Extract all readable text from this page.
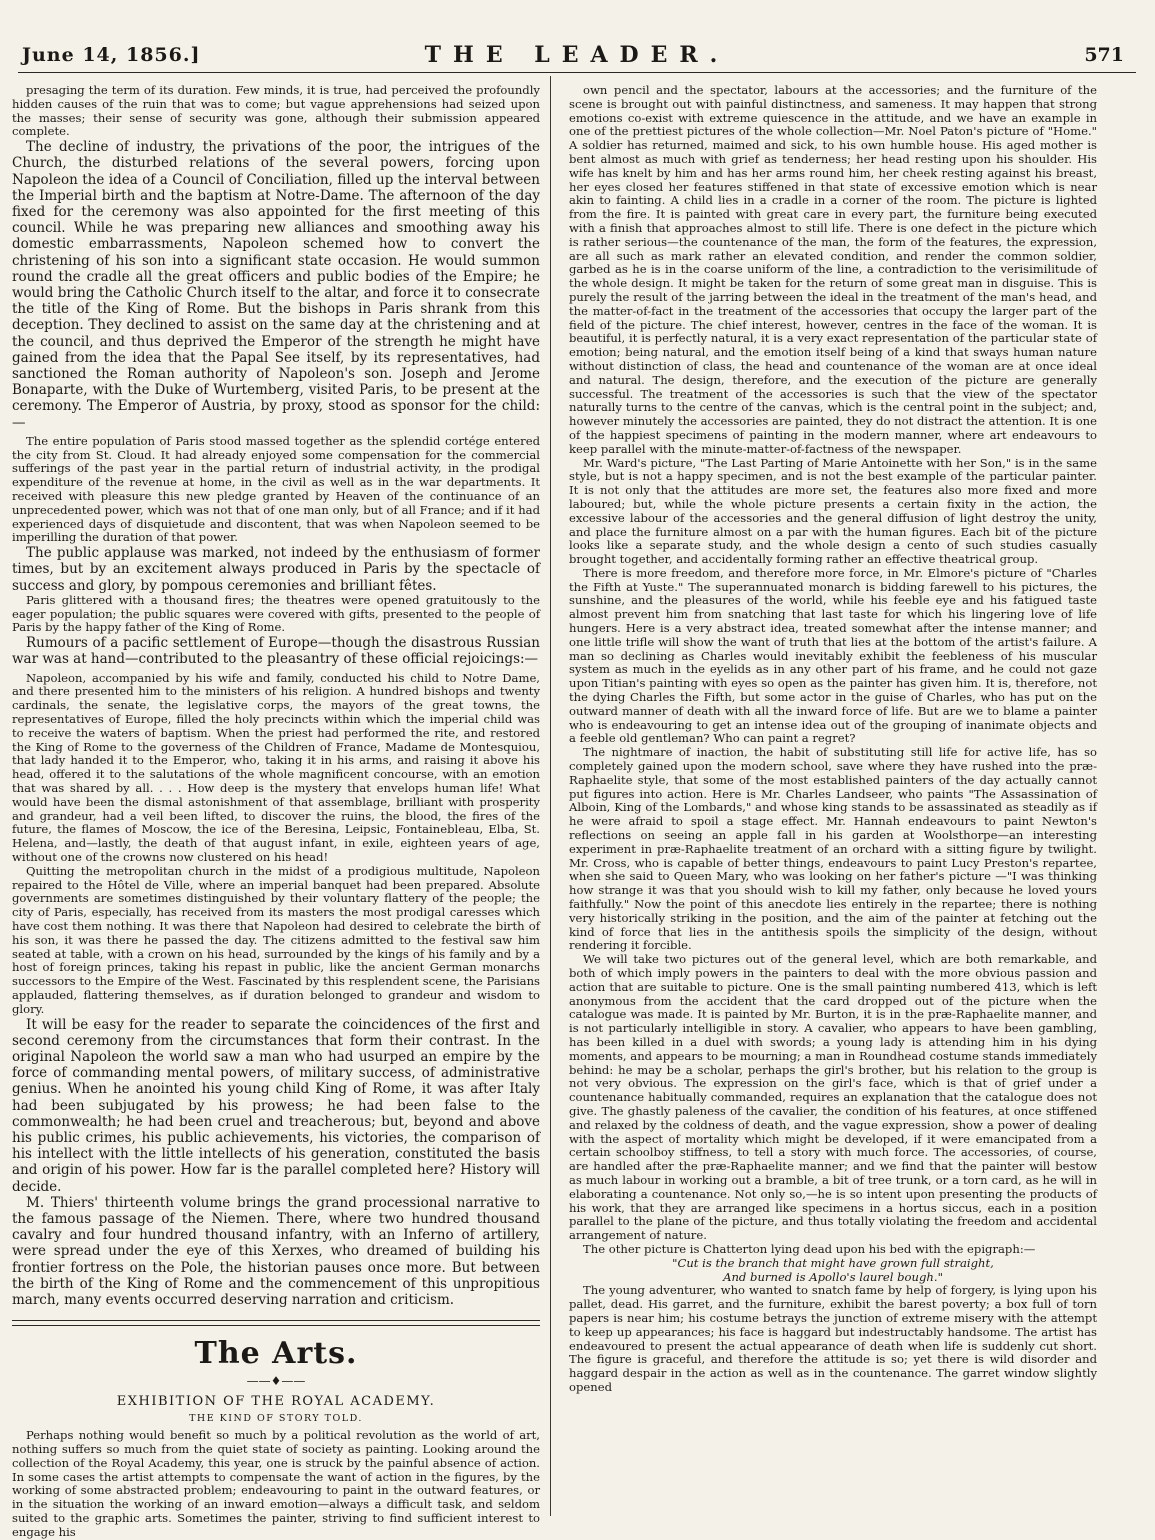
June 14, 1856.]	THE LEADER.	571

presaging the term of its duration. Few minds, it is true, had perceived the profoundly hidden causes of the ruin that was to come; but vague apprehensions had seized upon the masses; their sense of security was gone, although their submission appeared complete.

The decline of industry, the privations of the poor, the intrigues of the Church, the disturbed relations of the several powers, forcing upon Napoleon the idea of a Council of Conciliation, filled up the interval between the Imperial birth and the baptism at Notre-Dame. The afternoon of the day fixed for the ceremony was also appointed for the first meeting of this council. While he was preparing new alliances and smoothing away his domestic embarrassments, Napoleon schemed how to convert the christening of his son into a significant state occasion. He would summon round the cradle all the great officers and public bodies of the Empire; he would bring the Catholic Church itself to the altar, and force it to consecrate the title of the King of Rome. But the bishops in Paris shrank from this deception. They declined to assist on the same day at the christening and at the council, and thus deprived the Emperor of the strength he might have gained from the idea that the Papal See itself, by its representatives, had sanctioned the Roman authority of Napoleon's son. Joseph and Jerome Bonaparte, with the Duke of Wurtemberg, visited Paris, to be present at the ceremony. The Emperor of Austria, by proxy, stood as sponsor for the child:—

The entire population of Paris stood massed together as the splendid cortége entered the city from St. Cloud. It had already enjoyed some compensation for the commercial sufferings of the past year in the partial return of industrial activity, in the prodigal expenditure of the revenue at home, in the civil as well as in the war departments. It received with pleasure this new pledge granted by Heaven of the continuance of an unprecedented power, which was not that of one man only, but of all France; and if it had experienced days of disquietude and discontent, that was when Napoleon seemed to be imperilling the duration of that power.

The public applause was marked, not indeed by the enthusiasm of former times, but by an excitement always produced in Paris by the spectacle of success and glory, by pompous ceremonies and brilliant fêtes.

Paris glittered with a thousand fires; the theatres were opened gratuitously to the eager population; the public squares were covered with gifts, presented to the people of Paris by the happy father of the King of Rome.

Rumours of a pacific settlement of Europe—though the disastrous Russian war was at hand—contributed to the pleasantry of these official rejoicings:—

Napoleon, accompanied by his wife and family, conducted his child to Notre Dame, and there presented him to the ministers of his religion. A hundred bishops and twenty cardinals, the senate, the legislative corps, the mayors of the great towns, the representatives of Europe, filled the holy precincts within which the imperial child was to receive the waters of baptism. When the priest had performed the rite, and restored the King of Rome to the governess of the Children of France, Madame de Montesquiou, that lady handed it to the Emperor, who, taking it in his arms, and raising it above his head, offered it to the salutations of the whole magnificent concourse, with an emotion that was shared by all. . . . How deep is the mystery that envelops human life! What would have been the dismal astonishment of that assemblage, brilliant with prosperity and grandeur, had a veil been lifted, to discover the ruins, the blood, the fires of the future, the flames of Moscow, the ice of the Beresina, Leipsic, Fontainebleau, Elba, St. Helena, and—lastly, the death of that august infant, in exile, eighteen years of age, without one of the crowns now clustered on his head!

Quitting the metropolitan church in the midst of a prodigious multitude, Napoleon repaired to the Hôtel de Ville, where an imperial banquet had been prepared. Absolute governments are sometimes distinguished by their voluntary flattery of the people; the city of Paris, especially, has received from its masters the most prodigal caresses which have cost them nothing. It was there that Napoleon had desired to celebrate the birth of his son, it was there he passed the day. The citizens admitted to the festival saw him seated at table, with a crown on his head, surrounded by the kings of his family and by a host of foreign princes, taking his repast in public, like the ancient German monarchs successors to the Empire of the West. Fascinated by this resplendent scene, the Parisians applauded, flattering themselves, as if duration belonged to grandeur and wisdom to glory.

It will be easy for the reader to separate the coincidences of the first and second ceremony from the circumstances that form their contrast. In the original Napoleon the world saw a man who had usurped an empire by the force of commanding mental powers, of military success, of administrative genius. When he anointed his young child King of Rome, it was after Italy had been subjugated by his prowess; he had been false to the commonwealth; he had been cruel and treacherous; but, beyond and above his public crimes, his public achievements, his victories, the comparison of his intellect with the little intellects of his generation, constituted the basis and origin of his power. How far is the parallel completed here? History will decide.

M. Thiers' thirteenth volume brings the grand processional narrative to the famous passage of the Niemen. There, where two hundred thousand cavalry and four hundred thousand infantry, with an Inferno of artillery, were spread under the eye of this Xerxes, who dreamed of building his frontier fortress on the Pole, the historian pauses once more. But between the birth of the King of Rome and the commencement of this unpropitious march, many events occurred deserving narration and criticism.

The Arts.
——♦——
EXHIBITION OF THE ROYAL ACADEMY.
THE KIND OF STORY TOLD.

Perhaps nothing would benefit so much by a political revolution as the world of art, nothing suffers so much from the quiet state of society as painting. Looking around the collection of the Royal Academy, this year, one is struck by the painful absence of action. In some cases the artist attempts to compensate the want of action in the figures, by the working of some abstracted problem; endeavouring to paint in the outward features, or in the situation the working of an inward emotion—always a difficult task, and seldom suited to the graphic arts. Sometimes the painter, striving to find sufficient interest to engage his

own pencil and the spectator, labours at the accessories; and the furniture of the scene is brought out with painful distinctness, and sameness. It may happen that strong emotions co-exist with extreme quiescence in the attitude, and we have an example in one of the prettiest pictures of the whole collection—Mr. Noel Paton's picture of "Home." A soldier has returned, maimed and sick, to his own humble house. His aged mother is bent almost as much with grief as tenderness; her head resting upon his shoulder. His wife has knelt by him and has her arms round him, her cheek resting against his breast, her eyes closed her features stiffened in that state of excessive emotion which is near akin to fainting. A child lies in a cradle in a corner of the room. The picture is lighted from the fire. It is painted with great care in every part, the furniture being executed with a finish that approaches almost to still life. There is one defect in the picture which is rather serious—the countenance of the man, the form of the features, the expression, are all such as mark rather an elevated condition, and render the common soldier, garbed as he is in the coarse uniform of the line, a contradiction to the verisimilitude of the whole design. It might be taken for the return of some great man in disguise. This is purely the result of the jarring between the ideal in the treatment of the man's head, and the matter-of-fact in the treatment of the accessories that occupy the larger part of the field of the picture. The chief interest, however, centres in the face of the woman. It is beautiful, it is perfectly natural, it is a very exact representation of the particular state of emotion; being natural, and the emotion itself being of a kind that sways human nature without distinction of class, the head and countenance of the woman are at once ideal and natural. The design, therefore, and the execution of the picture are generally successful. The treatment of the accessories is such that the view of the spectator naturally turns to the centre of the canvas, which is the central point in the subject; and, however minutely the accessories are painted, they do not distract the attention. It is one of the happiest specimens of painting in the modern manner, where art endeavours to keep parallel with the minute-matter-of-factness of the newspaper.

Mr. Ward's picture, "The Last Parting of Marie Antoinette with her Son," is in the same style, but is not a happy specimen, and is not the best example of the particular painter. It is not only that the attitudes are more set, the features also more fixed and more laboured; but, while the whole picture presents a certain fixity in the action, the excessive labour of the accessories and the general diffusion of light destroy the unity, and place the furniture almost on a par with the human figures. Each bit of the picture looks like a separate study, and the whole design a cento of such studies casually brought together, and accidentally forming rather an effective theatrical group.

There is more freedom, and therefore more force, in Mr. Elmore's picture of "Charles the Fifth at Yuste." The superannuated monarch is bidding farewell to his pictures, the sunshine, and the pleasures of the world, while his feeble eye and his fatigued taste almost prevent him from snatching that last taste for which his lingering love of life hungers. Here is a very abstract idea, treated somewhat after the intense manner; and one little trifle will show the want of truth that lies at the bottom of the artist's failure. A man so declining as Charles would inevitably exhibit the feebleness of his muscular system as much in the eyelids as in any other part of his frame, and he could not gaze upon Titian's painting with eyes so open as the painter has given him. It is, therefore, not the dying Charles the Fifth, but some actor in the guise of Charles, who has put on the outward manner of death with all the inward force of life. But are we to blame a painter who is endeavouring to get an intense idea out of the grouping of inanimate objects and a feeble old gentleman? Who can paint a regret?

The nightmare of inaction, the habit of substituting still life for active life, has so completely gained upon the modern school, save where they have rushed into the præ-Raphaelite style, that some of the most established painters of the day actually cannot put figures into action. Here is Mr. Charles Landseer, who paints "The Assassination of Alboin, King of the Lombards," and whose king stands to be assassinated as steadily as if he were afraid to spoil a stage effect. Mr. Hannah endeavours to paint Newton's reflections on seeing an apple fall in his garden at Woolsthorpe—an interesting experiment in præ-Raphaelite treatment of an orchard with a sitting figure by twilight. Mr. Cross, who is capable of better things, endeavours to paint Lucy Preston's repartee, when she said to Queen Mary, who was looking on her father's picture —"I was thinking how strange it was that you should wish to kill my father, only because he loved yours faithfully." Now the point of this anecdote lies entirely in the repartee; there is nothing very historically striking in the position, and the aim of the painter at fetching out the kind of force that lies in the antithesis spoils the simplicity of the design, without rendering it forcible.

We will take two pictures out of the general level, which are both remarkable, and both of which imply powers in the painters to deal with the more obvious passion and action that are suitable to picture. One is the small painting numbered 413, which is left anonymous from the accident that the card dropped out of the picture when the catalogue was made. It is painted by Mr. Burton, it is in the præ-Raphaelite manner, and is not particularly intelligible in story. A cavalier, who appears to have been gambling, has been killed in a duel with swords; a young lady is attending him in his dying moments, and appears to be mourning; a man in Roundhead costume stands immediately behind: he may be a scholar, perhaps the girl's brother, but his relation to the group is not very obvious. The expression on the girl's face, which is that of grief under a countenance habitually commanded, requires an explanation that the catalogue does not give. The ghastly paleness of the cavalier, the condition of his features, at once stiffened and relaxed by the coldness of death, and the vague expression, show a power of dealing with the aspect of mortality which might be developed, if it were emancipated from a certain schoolboy stiffness, to tell a story with much force. The accessories, of course, are handled after the præ-Raphaelite manner; and we find that the painter will bestow as much labour in working out a bramble, a bit of tree trunk, or a torn card, as he will in elaborating a countenance. Not only so,—he is so intent upon presenting the products of his work, that they are arranged like specimens in a hortus siccus, each in a position parallel to the plane of the picture, and thus totally violating the freedom and accidental arrangement of nature.

The other picture is Chatterton lying dead upon his bed with the epigraph:—

"Cut is the branch that might have grown full straight,

And burned is Apollo's laurel bough."

The young adventurer, who wanted to snatch fame by help of forgery, is lying upon his pallet, dead. His garret, and the furniture, exhibit the barest poverty; a box full of torn papers is near him; his costume betrays the junction of extreme misery with the attempt to keep up appearances; his face is haggard but indestructably handsome. The artist has endeavoured to present the actual appearance of death when life is suddenly cut short. The figure is graceful, and therefore the attitude is so; yet there is wild disorder and haggard despair in the action as well as in the countenance. The garret window slightly opened
